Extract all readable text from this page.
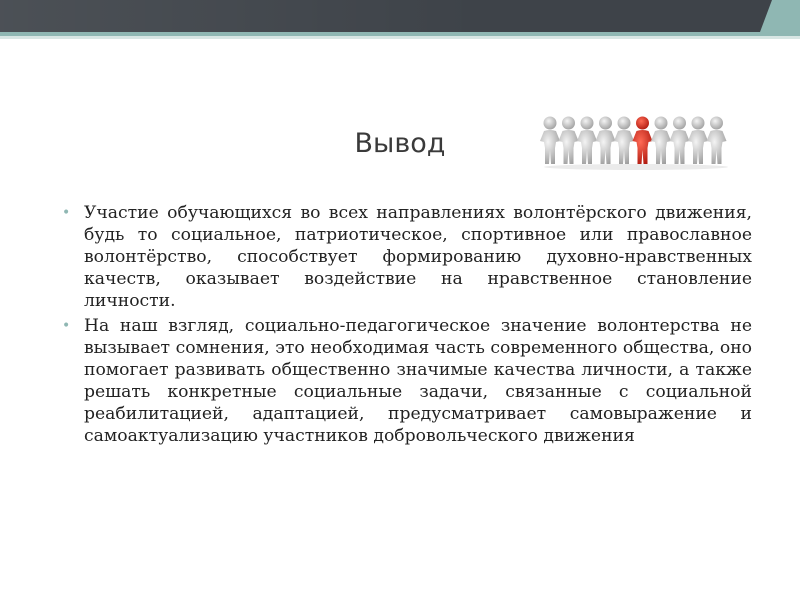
Вывод
• Участие обучающихся во всех направлениях волонтёрского движения, будь то социальное, патриотическое, спортивное или православное волонтёрство, способствует формированию духовно-нравственных качеств, оказывает воздействие на нравственное становление личности.
• На наш взгляд, социально-педагогическое значение волонтерства не вызывает сомнения, это необходимая часть современного общества, оно помогает развивать общественно значимые качества личности, а также решать конкретные социальные задачи, связанные с социальной реабилитацией, адаптацией, предусматривает самовыражение и самоактуализацию участников добровольческого движения
